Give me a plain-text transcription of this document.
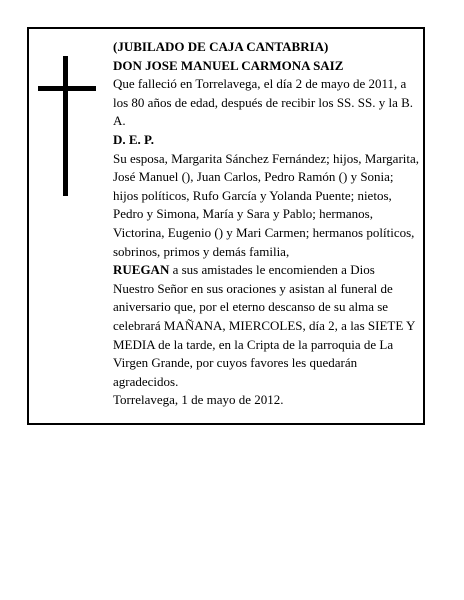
(JUBILADO DE CAJA CANTABRIA)

DON JOSE MANUEL CARMONA SAIZ

Que falleció en Torrelavega, el día 2 de mayo de 2011, a los 80 años de edad, después de recibir los SS. SS. y la B. A.

D. E. P.

Su esposa, Margarita Sánchez Fernández; hijos, Margarita, José Manuel (), Juan Carlos, Pedro Ramón () y Sonia; hijos políticos, Rufo García y Yolanda Puente; nietos, Pedro y Simona, María y Sara y Pablo; hermanos, Victorina, Eugenio () y Mari Carmen; hermanos políticos, sobrinos, primos y demás familia,

RUEGAN a sus amistades le encomienden a Dios Nuestro Señor en sus oraciones y asistan al funeral de aniversario que, por el eterno descanso de su alma se celebrará MAÑANA, MIERCOLES, día 2, a las SIETE Y MEDIA de la tarde, en la Cripta de la parroquia de La Virgen Grande, por cuyos favores les quedarán agradecidos.

Torrelavega, 1 de mayo de 2012.
